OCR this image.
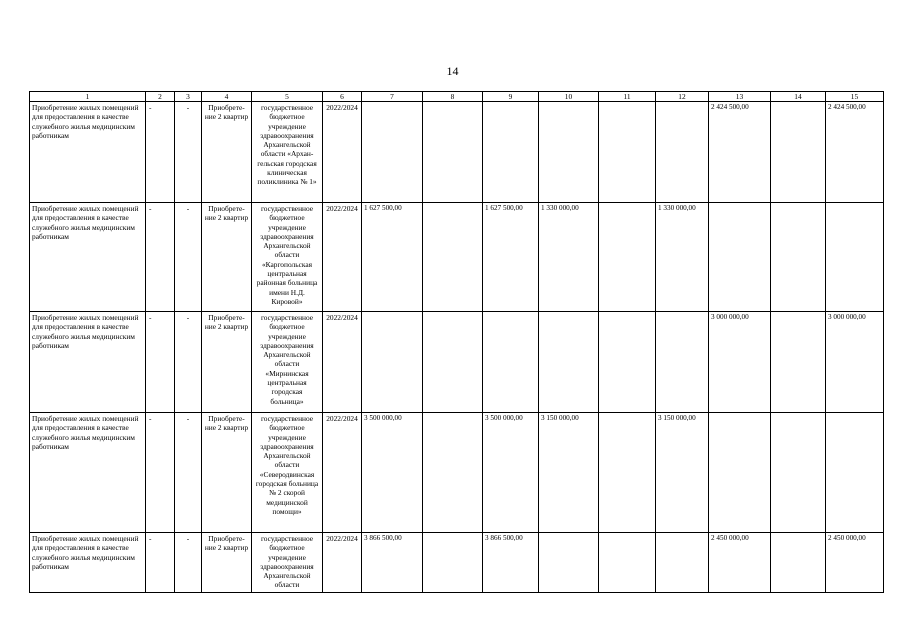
14
1	2	3	4	5	6	7	8	9	10	11	12	13	14	15
Приобретение жилых помещений для предоставления в качестве служебного жилья медицинским работникам	-	-	Приобрете-ние 2 квартир	государственное бюджетное учреждение здравоохранения Архангельской области «Архан-гельская городская клиническая поликлиника № 1»	2022/2024							2 424 500,00		2 424 500,00
Приобретение жилых помещений для предоставления в качестве служебного жилья медицинским работникам	-	-	Приобрете-ние 2 квартир	государственное бюджетное учреждение здравоохранения Архангельской области «Каргопольская центральная районная больница имени Н.Д. Кировой»	2022/2024	1 627 500,00		1 627 500,00	1 330 000,00		1 330 000,00			
Приобретение жилых помещений для предоставления в качестве служебного жилья медицинским работникам	-	-	Приобрете-ние 2 квартир	государственное бюджетное учреждение здравоохранения Архангельской области «Мирнинская центральная городская больница»	2022/2024							3 000 000,00		3 000 000,00
Приобретение жилых помещений для предоставления в качестве служебного жилья медицинским работникам	-	-	Приобрете-ние 2 квартир	государственное бюджетное учреждение здравоохранения Архангельской области «Северодвинская городская больница № 2 скорой медицинской помощи»	2022/2024	3 500 000,00		3 500 000,00	3 150 000,00		3 150 000,00			
Приобретение жилых помещений для предоставления в качестве служебного жилья медицинским работникам	-	-	Приобрете-ние 2 квартир	государственное бюджетное учреждение здравоохранения Архангельской области	2022/2024	3 866 500,00		3 866 500,00				2 450 000,00		2 450 000,00
